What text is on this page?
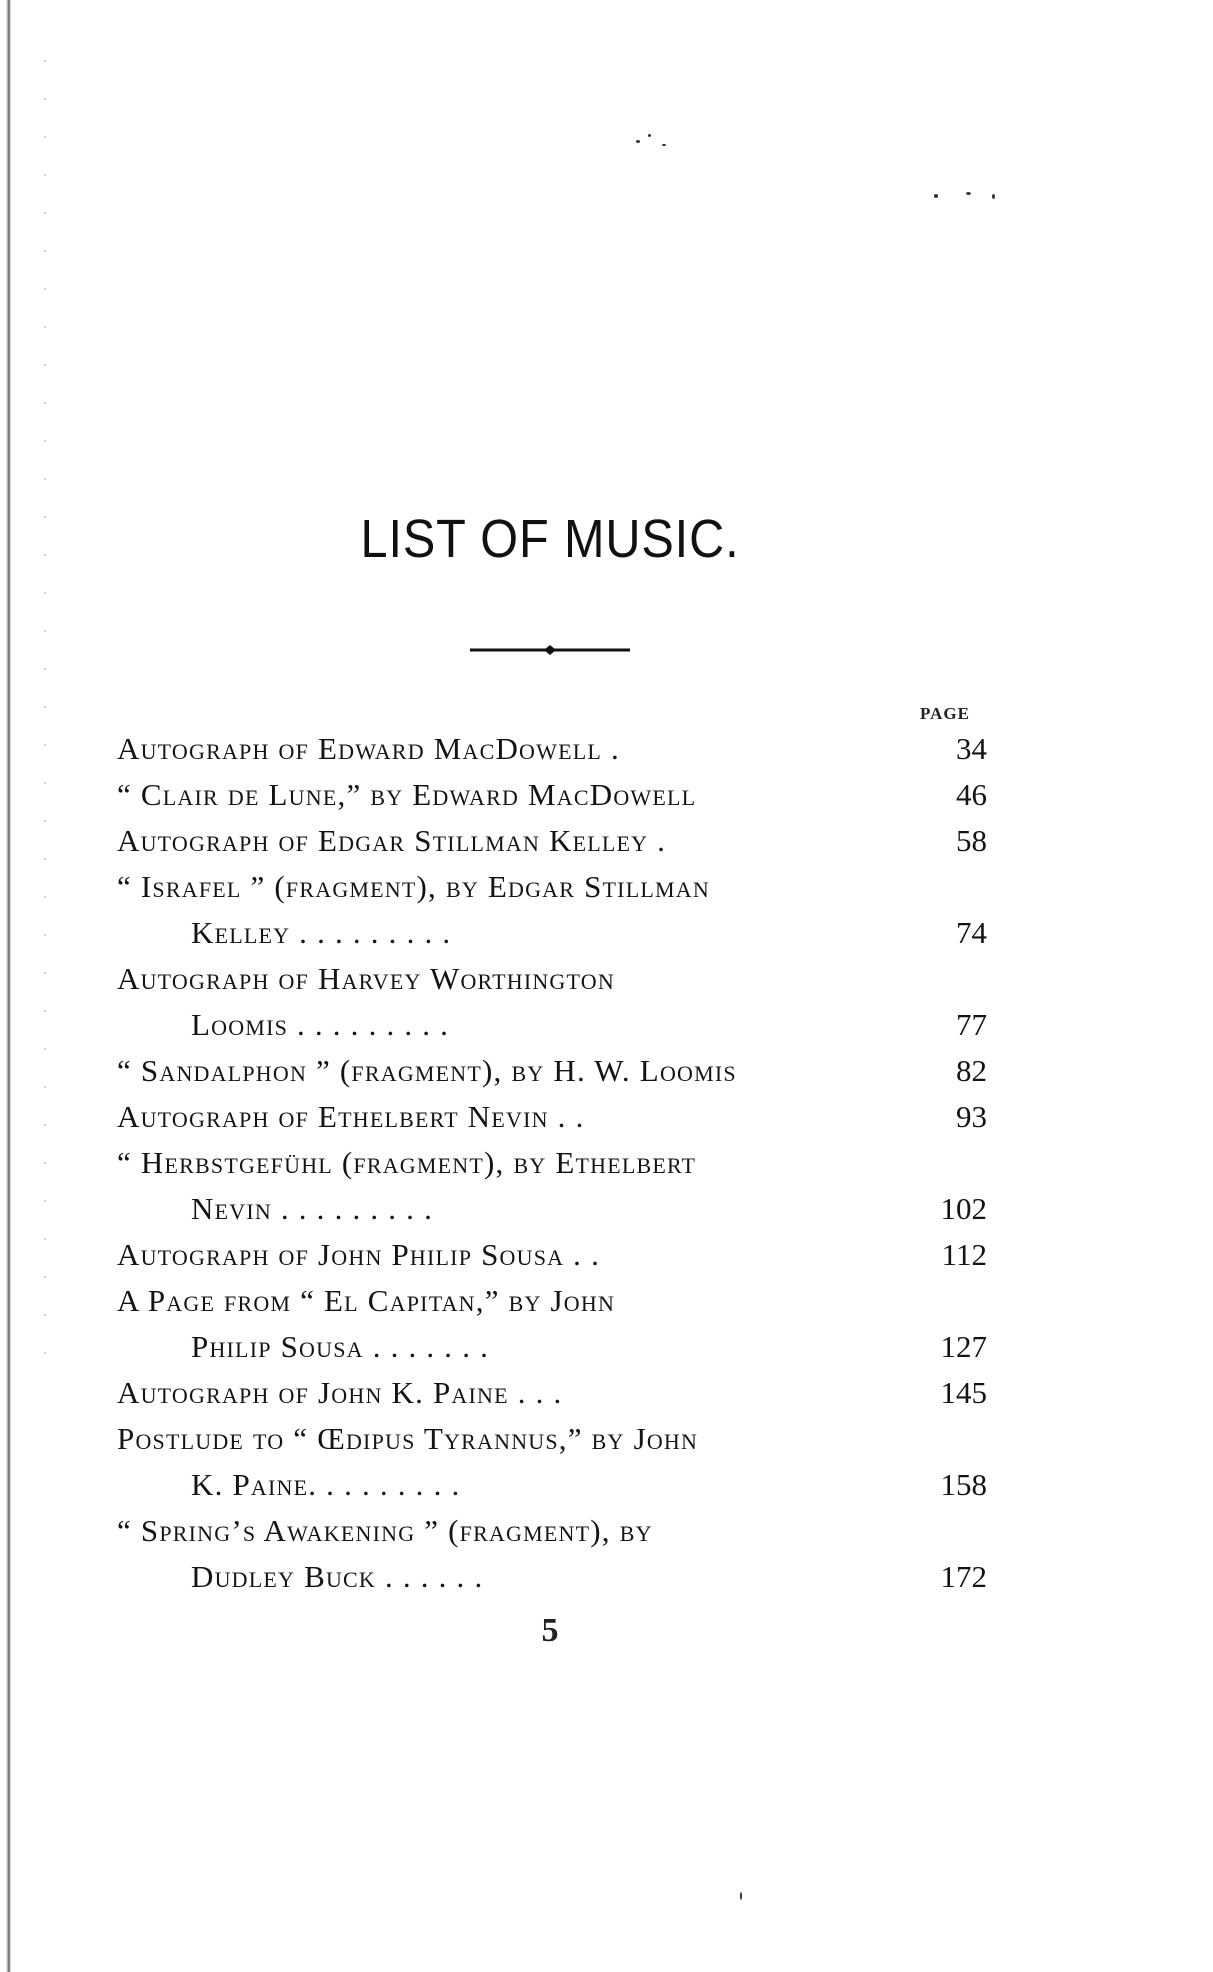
LIST OF MUSIC.
PAGE
Autograph of Edward MacDowell .	34
“ Clair de Lune,” by Edward MacDowell	46
Autograph of Edgar Stillman Kelley .	58
“ Israfel ” (fragment), by Edgar Stillman
Kelley . . . . . . . . .	74
Autograph of Harvey Worthington
Loomis . . . . . . . . .	77
“ Sandalphon ” (fragment), by H. W. Loomis	82
Autograph of Ethelbert Nevin . .	93
“ Herbstgefühl (fragment), by Ethelbert
Nevin . . . . . . . . .	102
Autograph of John Philip Sousa . .	112
A Page from “ El Capitan,” by John
Philip Sousa . . . . . . .	127
Autograph of John K. Paine . . .	145
Postlude to “ Œdipus Tyrannus,” by John
K. Paine. . . . . . . . .	158
“ Spring’s Awakening ” (fragment), by
Dudley Buck . . . . . .	172
5
